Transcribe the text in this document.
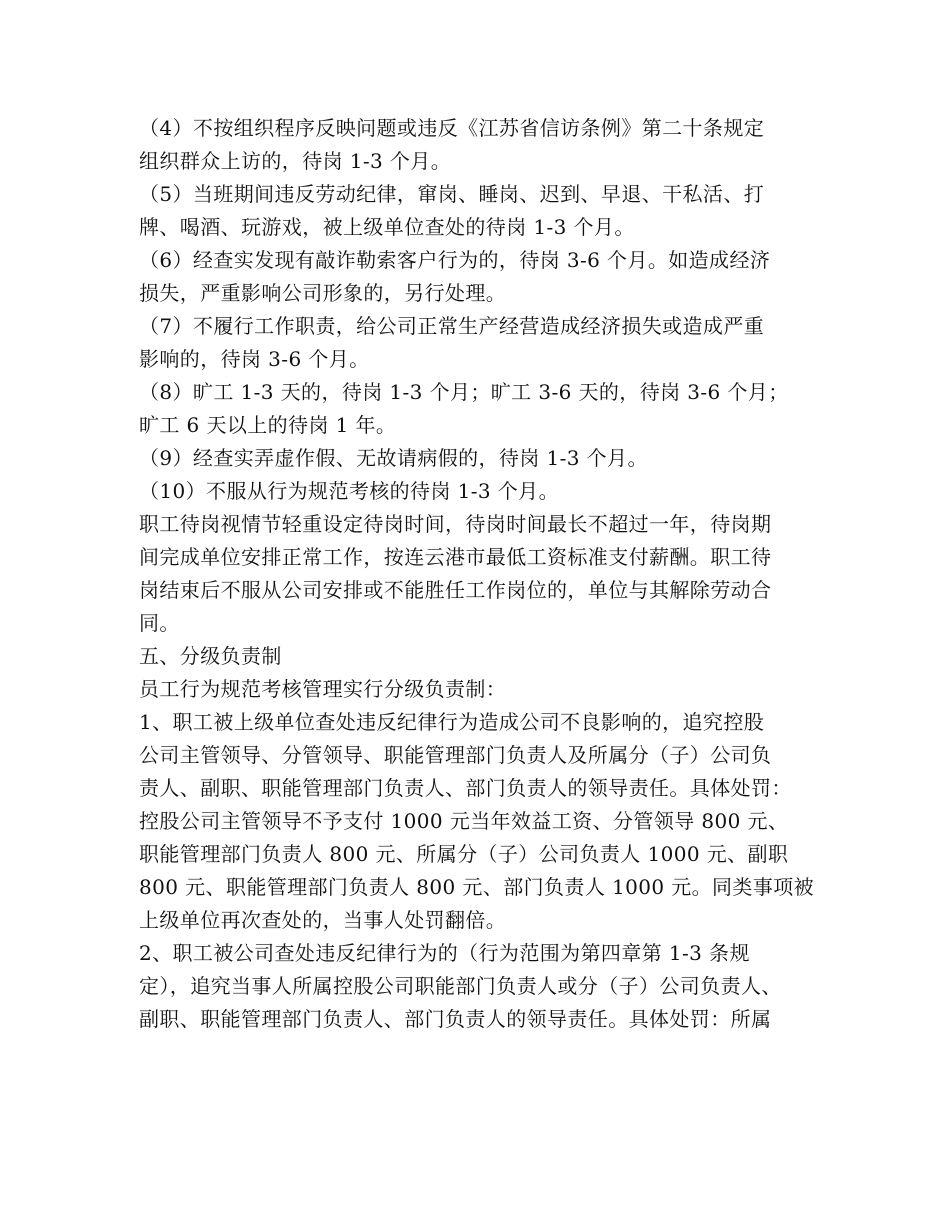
（4）不按组织程序反映问题或违反《江苏省信访条例》第二十条规定
组织群众上访的，待岗 1-3 个月。
（5）当班期间违反劳动纪律，窜岗、睡岗、迟到、早退、干私活、打
牌、喝酒、玩游戏，被上级单位查处的待岗 1-3 个月。
（6）经查实发现有敲诈勒索客户行为的，待岗 3-6 个月。如造成经济
损失，严重影响公司形象的，另行处理。
（7）不履行工作职责，给公司正常生产经营造成经济损失或造成严重
影响的，待岗 3-6 个月。
（8）旷工 1-3 天的，待岗 1-3 个月；旷工 3-6 天的，待岗 3-6 个月；
旷工 6 天以上的待岗 1 年。
（9）经查实弄虚作假、无故请病假的，待岗 1-3 个月。
（10）不服从行为规范考核的待岗 1-3 个月。
职工待岗视情节轻重设定待岗时间，待岗时间最长不超过一年，待岗期
间完成单位安排正常工作，按连云港市最低工资标准支付薪酬。职工待
岗结束后不服从公司安排或不能胜任工作岗位的，单位与其解除劳动合
同。
五、分级负责制
员工行为规范考核管理实行分级负责制：
1、职工被上级单位查处违反纪律行为造成公司不良影响的，追究控股
公司主管领导、分管领导、职能管理部门负责人及所属分（子）公司负
责人、副职、职能管理部门负责人、部门负责人的领导责任。具体处罚：
控股公司主管领导不予支付 1000 元当年效益工资、分管领导 800 元、
职能管理部门负责人 800 元、所属分（子）公司负责人 1000 元、副职
800 元、职能管理部门负责人 800 元、部门负责人 1000 元。同类事项被
上级单位再次查处的，当事人处罚翻倍。
2、职工被公司查处违反纪律行为的（行为范围为第四章第 1-3 条规
定），追究当事人所属控股公司职能部门负责人或分（子）公司负责人、
副职、职能管理部门负责人、部门负责人的领导责任。具体处罚：所属
